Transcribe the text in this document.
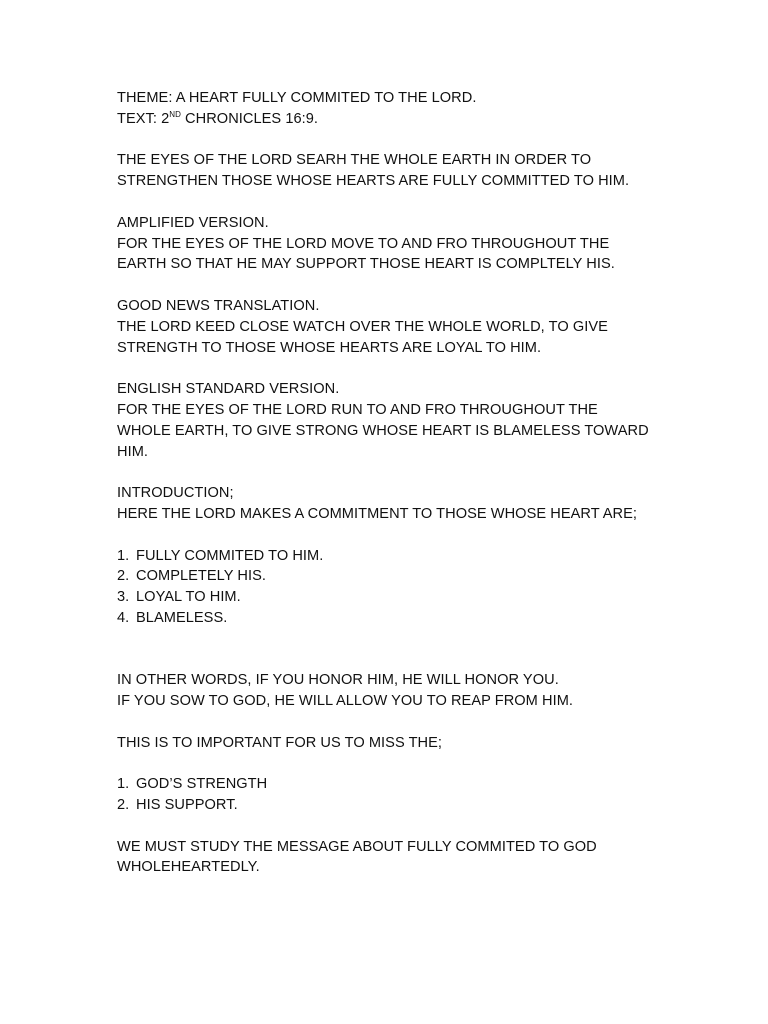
THEME: A HEART FULLY COMMITED TO THE LORD.
TEXT: 2ND CHRONICLES 16:9.
THE EYES OF THE LORD SEARH THE WHOLE EARTH IN ORDER TO
STRENGTHEN THOSE WHOSE HEARTS ARE FULLY COMMITTED TO HIM.
AMPLIFIED VERSION.
FOR THE EYES OF THE LORD MOVE TO AND FRO THROUGHOUT THE
EARTH SO THAT HE MAY SUPPORT THOSE HEART IS COMPLTELY HIS.
GOOD NEWS TRANSLATION.
THE LORD KEED CLOSE WATCH OVER THE WHOLE WORLD, TO GIVE
STRENGTH TO THOSE WHOSE HEARTS ARE LOYAL TO HIM.
ENGLISH STANDARD VERSION.
FOR THE EYES OF THE LORD RUN TO AND FRO THROUGHOUT THE
WHOLE EARTH, TO GIVE STRONG WHOSE HEART IS BLAMELESS TOWARD
HIM.
INTRODUCTION;
HERE THE LORD MAKES A COMMITMENT TO THOSE WHOSE HEART ARE;
1. FULLY COMMITED TO HIM.
2. COMPLETELY HIS.
3. LOYAL TO HIM.
4. BLAMELESS.
IN OTHER WORDS, IF YOU HONOR HIM, HE WILL HONOR YOU.
IF YOU SOW TO GOD, HE WILL ALLOW YOU TO REAP FROM HIM.
THIS IS TO IMPORTANT FOR US TO MISS THE;
1. GOD’S STRENGTH
2. HIS SUPPORT.
WE MUST STUDY THE MESSAGE ABOUT FULLY COMMITED TO GOD
WHOLEHEARTEDLY.
